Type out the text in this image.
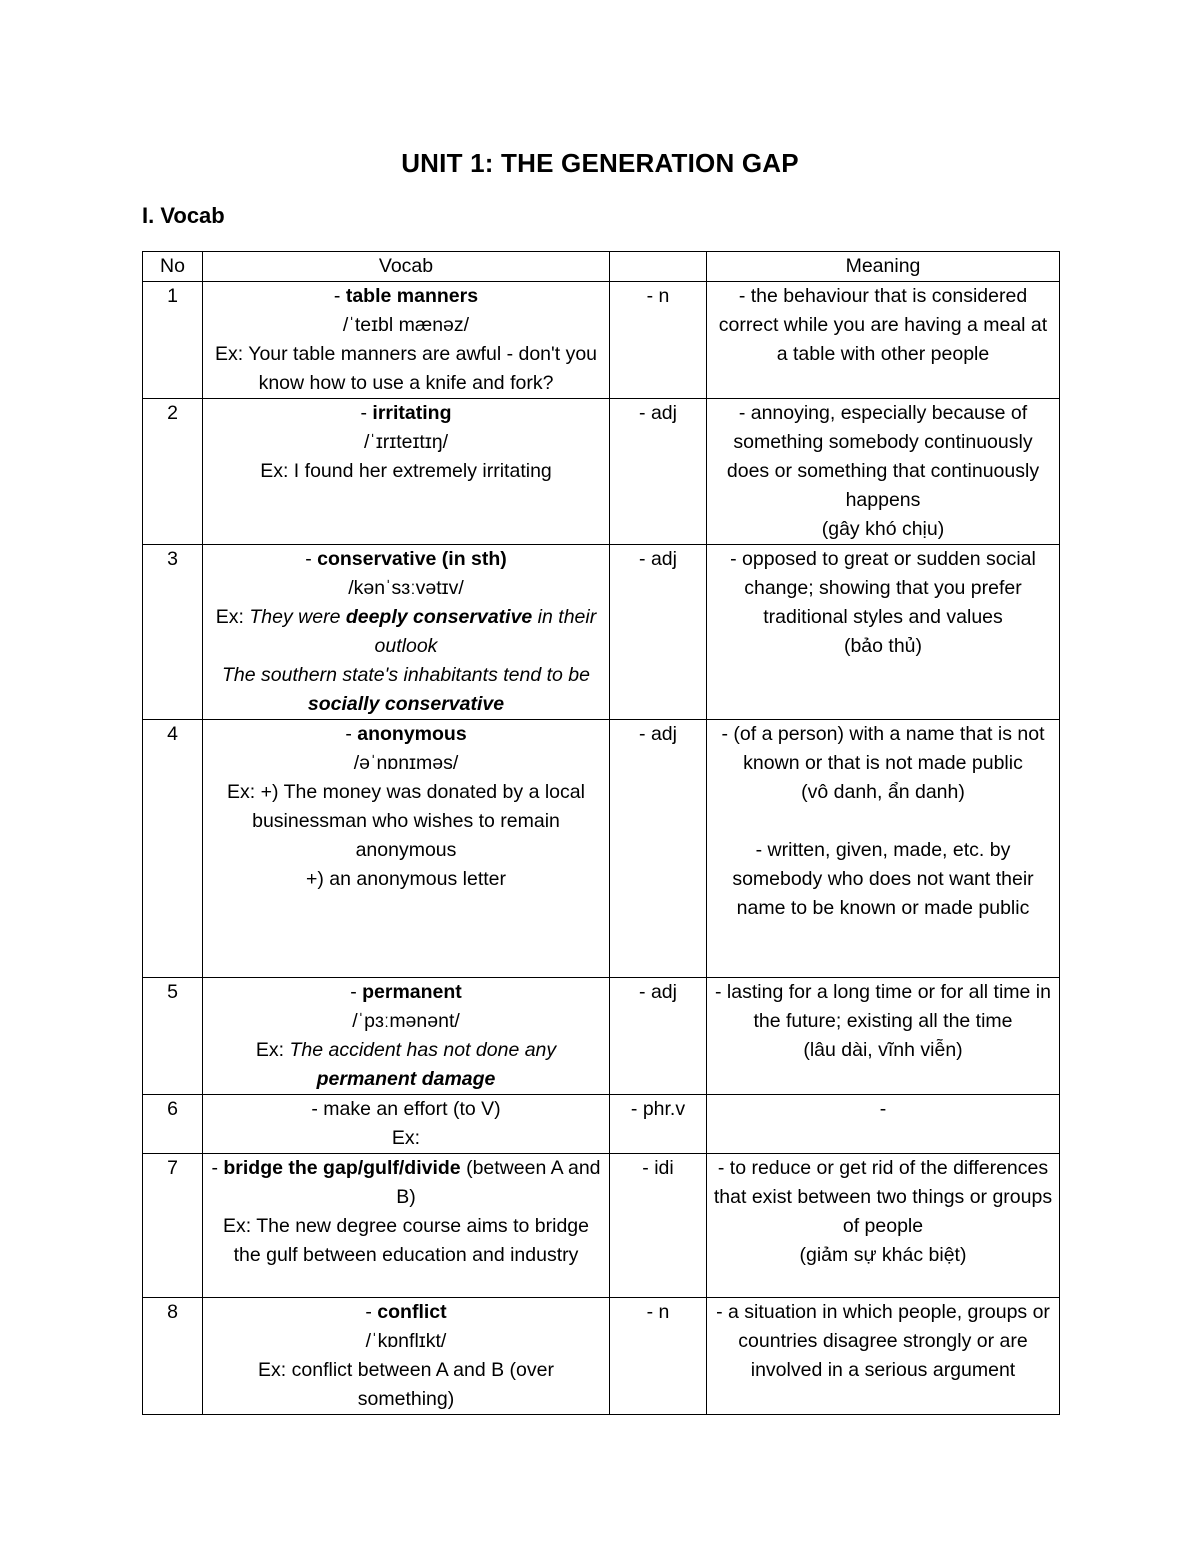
UNIT 1: THE GENERATION GAP
I. Vocab
No	Vocab		Meaning
1	- table manners
/ˈteɪbl mænəz/
Ex: Your table manners are awful - don't you know how to use a knife and fork?	- n	- the behaviour that is considered correct while you are having a meal at a table with other people

2	- irritating
/ˈɪrɪteɪtɪŋ/
Ex: I found her extremely irritating	- adj	- annoying, especially because of something somebody continuously does or something that continuously happens
(gây khó chịu)

3	- conservative (in sth)
/kənˈsɜːvətɪv/
Ex: They were deeply conservative in their outlook
The southern state's inhabitants tend to be socially conservative	- adj	- opposed to great or sudden social change; showing that you prefer traditional styles and values
(bảo thủ)

4	- anonymous
/əˈnɒnɪməs/
Ex: +) The money was donated by a local businessman who wishes to remain anonymous
+) an anonymous letter	- adj	- (of a person) with a name that is not known or that is not made public
(vô danh, ẩn danh)
- written, given, made, etc. by somebody who does not want their name to be known or made public

5	- permanent
/ˈpɜːmənənt/
Ex: The accident has not done any permanent damage	- adj	- lasting for a long time or for all time in the future; existing all the time
(lâu dài, vĩnh viễn)

6	- make an effort (to V)
Ex:	- phr.v	-

7	- bridge the gap/gulf/divide (between A and B)
Ex: The new degree course aims to bridge the gulf between education and industry	- idi	- to reduce or get rid of the differences that exist between two things or groups of people
(giảm sự khác biệt)

8	- conflict
/ˈkɒnflɪkt/
Ex: conflict between A and B (over something)	- n	- a situation in which people, groups or countries disagree strongly or are involved in a serious argument
